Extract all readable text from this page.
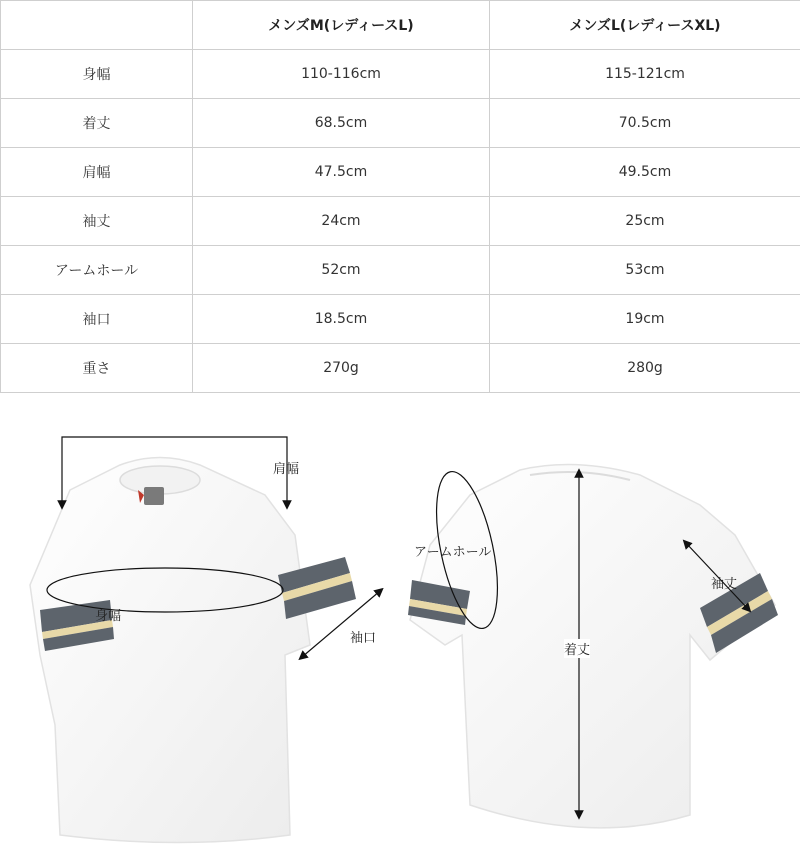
	メンズM(レディースL)	メンズL(レディースXL)
身幅	110-116cm	115-121cm
着丈	68.5cm	70.5cm
肩幅	47.5cm	49.5cm
袖丈	24cm	25cm
アームホール	52cm	53cm
袖口	18.5cm	19cm
重さ	270g	280g
肩幅
身幅
袖口
アームホール
袖丈
着丈
